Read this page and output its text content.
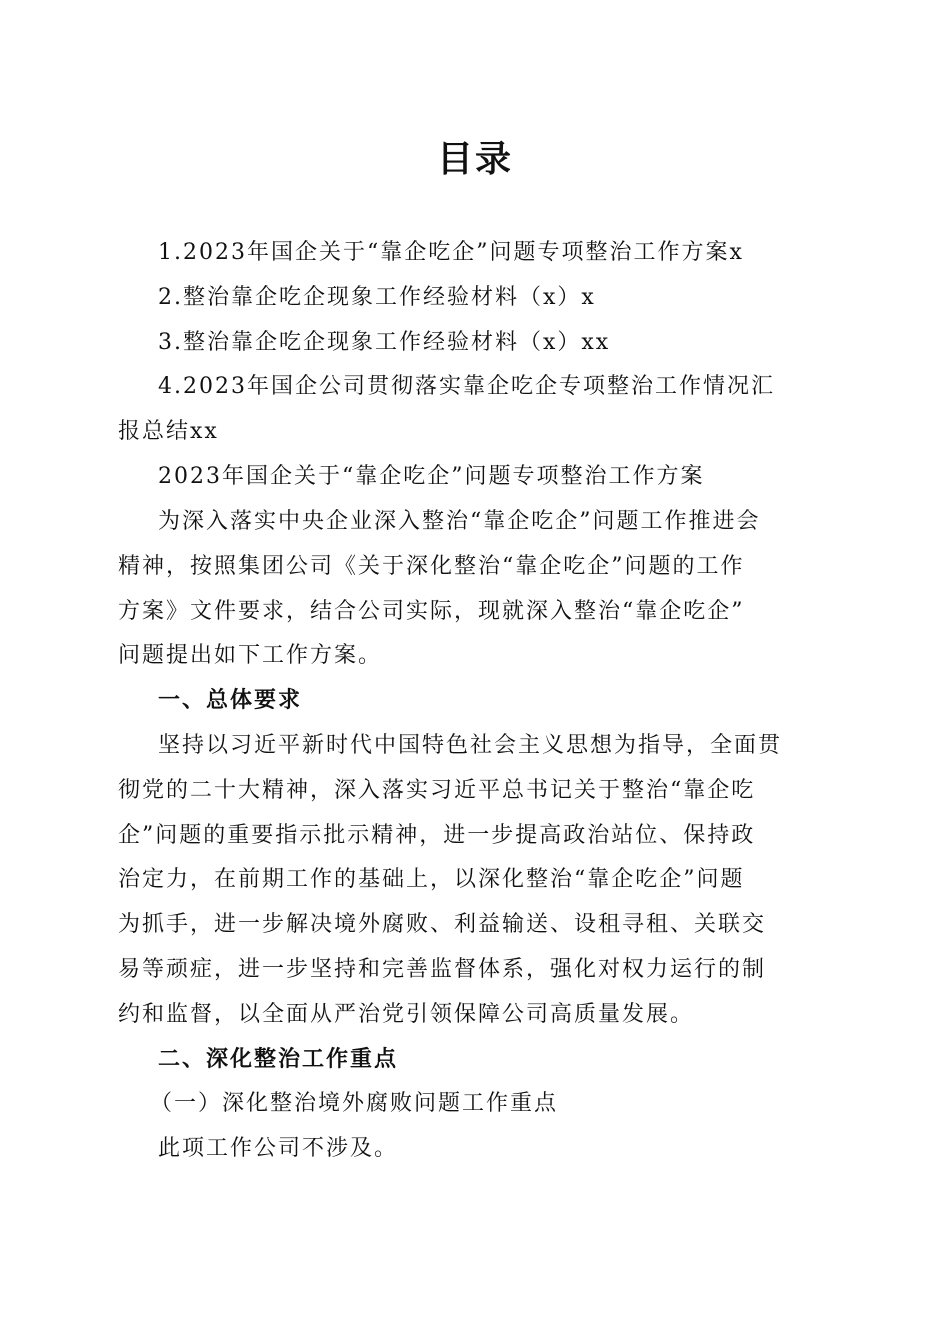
目录
1.2023年国企关于“靠企吃企”问题专项整治工作方案x
2.整治靠企吃企现象工作经验材料（x）x
3.整治靠企吃企现象工作经验材料（x）xx
4.2023年国企公司贯彻落实靠企吃企专项整治工作情况汇
报总结xx
2023年国企关于“靠企吃企”问题专项整治工作方案
为深入落实中央企业深入整治“靠企吃企”问题工作推进会
精神，按照集团公司《关于深化整治“靠企吃企”问题的工作
方案》文件要求，结合公司实际，现就深入整治“靠企吃企”
问题提出如下工作方案。
一、总体要求
坚持以习近平新时代中国特色社会主义思想为指导，全面贯
彻党的二十大精神，深入落实习近平总书记关于整治“靠企吃
企”问题的重要指示批示精神，进一步提高政治站位、保持政
治定力，在前期工作的基础上，以深化整治“靠企吃企”问题
为抓手，进一步解决境外腐败、利益输送、设租寻租、关联交
易等顽症，进一步坚持和完善监督体系，强化对权力运行的制
约和监督，以全面从严治党引领保障公司高质量发展。
二、深化整治工作重点
（一）深化整治境外腐败问题工作重点
此项工作公司不涉及。
